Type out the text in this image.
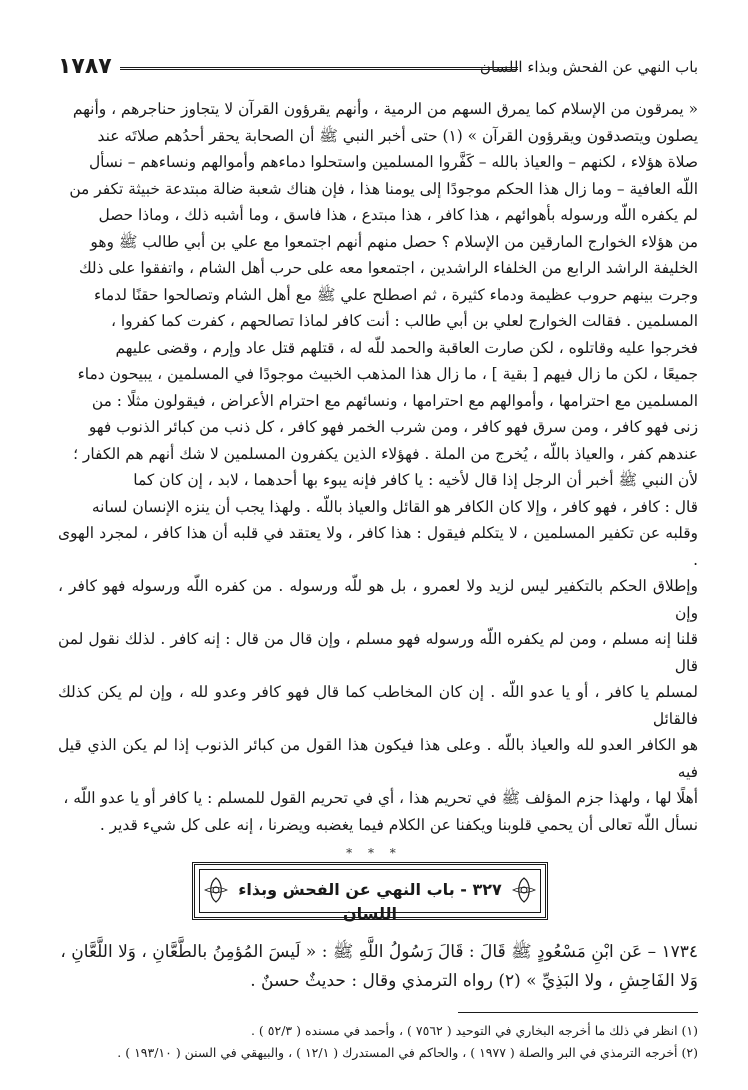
١٧٨٧	باب النهي عن الفحش وبذاء اللسان

« يمرقون من الإسلام كما يمرق السهم من الرمية ، وأنهم يقرؤون القرآن لا يتجاوز حناجرهم ، وأنهم

يصلون ويتصدقون ويقرؤون القرآن » (١) حتى أخبر النبي ﷺ أن الصحابة يحقر أحدُهم صلاتَه عند

صلاة هؤلاء ، لكنهم – والعياذ بالله – كَفَّروا المسلمين واستحلوا دماءهم وأموالهم ونساءهم – نسأل

اللّه العافية – وما زال هذا الحكم موجودًا إلى يومنا هذا ، فإن هناك شعبة ضالة مبتدعة خبيثة تكفر من

لم يكفره اللّه ورسوله بأهوائهم ، هذا كافر ، هذا مبتدع ، هذا فاسق ، وما أشبه ذلك ، وماذا حصل

من هؤلاء الخوارج المارقين من الإسلام ؟ حصل منهم أنهم اجتمعوا مع علي بن أبي طالب ﷺ وهو

الخليفة الراشد الرابع من الخلفاء الراشدين ، اجتمعوا معه على حرب أهل الشام ، واتفقوا على ذلك

وجرت بينهم حروب عظيمة ودماء كثيرة ، ثم اصطلح علي ﷺ مع أهل الشام وتصالحوا حقنًا لدماء

المسلمين . فقالت الخوارج لعلي بن أبي طالب : أنت كافر لماذا تصالحهم ، كفرت كما كفروا ،

فخرجوا عليه وقاتلوه ، لكن صارت العاقبة والحمد للّه له ، قتلهم قتل عاد وإرم ، وقضى عليهم

جميعًا ، لكن ما زال فيهم [ بقية ] ، ما زال هذا المذهب الخبيث موجودًا في المسلمين ، يبيحون دماء

المسلمين مع احترامها ، وأموالهم مع احترامها ، ونسائهم مع احترام الأعراض ، فيقولون مثلًا : من

زنى فهو كافر ، ومن سرق فهو كافر ، ومن شرب الخمر فهو كافر ، كل ذنب من كبائر الذنوب فهو

عندهم كفر ، والعياذ باللّه ، يُخرج من الملة . فهؤلاء الذين يكفرون المسلمين لا شك أنهم هم الكفار ؛

لأن النبي ﷺ أخبر أن الرجل إذا قال لأخيه : يا كافر فإنه يبوء بها أحدهما ، لابد ، إن كان كما

قال : كافر ، فهو كافر ، وإلا كان الكافر هو القائل والعياذ باللّه . ولهذا يجب أن ينزه الإنسان لسانه

وقلبه عن تكفير المسلمين ، لا يتكلم فيقول : هذا كافر ، ولا يعتقد في قلبه أن هذا كافر ، لمجرد الهوى .

وإطلاق الحكم بالتكفير ليس لزيد ولا لعمرو ، بل هو للّه ورسوله . من كفره اللّه ورسوله فهو كافر ، وإن

قلنا إنه مسلم ، ومن لم يكفره اللّه ورسوله فهو مسلم ، وإن قال من قال : إنه كافر . لذلك نقول لمن قال

لمسلم يا كافر ، أو يا عدو اللّه . إن كان المخاطب كما قال فهو كافر وعدو لله ، وإن لم يكن كذلك فالقائل

هو الكافر العدو لله والعياذ باللّه . وعلى هذا فيكون هذا القول من كبائر الذنوب إذا لم يكن الذي قيل فيه

أهلًا لها ، ولهذا جزم المؤلف ﷺ في تحريم هذا ، أي في تحريم القول للمسلم : يا كافر أو يا عدو اللّه ،

نسأل اللّه تعالى أن يحمي قلوبنا ويكفنا عن الكلام فيما يغضبه ويضرنا ، إنه على كل شيء قدير .

* * *
٣٢٧ - باب النهي عن الفحش وبذاء اللسان

١٧٣٤ – عَن ابْنِ مَسْعُودٍ ﷺ قَالَ : قَالَ رَسُولُ اللَّهِ ﷺ : « لَيسَ المُؤمِنُ بالطَّعَّانِ ، وَلا اللَّعَّانِ ،

وَلا الفَاحِشِ ، ولا البَذِيِّ » (٢) رواه الترمذي وقال : حديثٌ حسنٌ .

(١) انظر في ذلك ما أخرجه البخاري في التوحيد ( ٧٥٦٢ ) ، وأحمد في مسنده ( ٥٢/٣ ) .

(٢) أخرجه الترمذي في البر والصلة ( ١٩٧٧ ) ، والحاكم في المستدرك ( ١٢/١ ) ، والبيهقي في السنن ( ١٩٣/١٠ ) .
